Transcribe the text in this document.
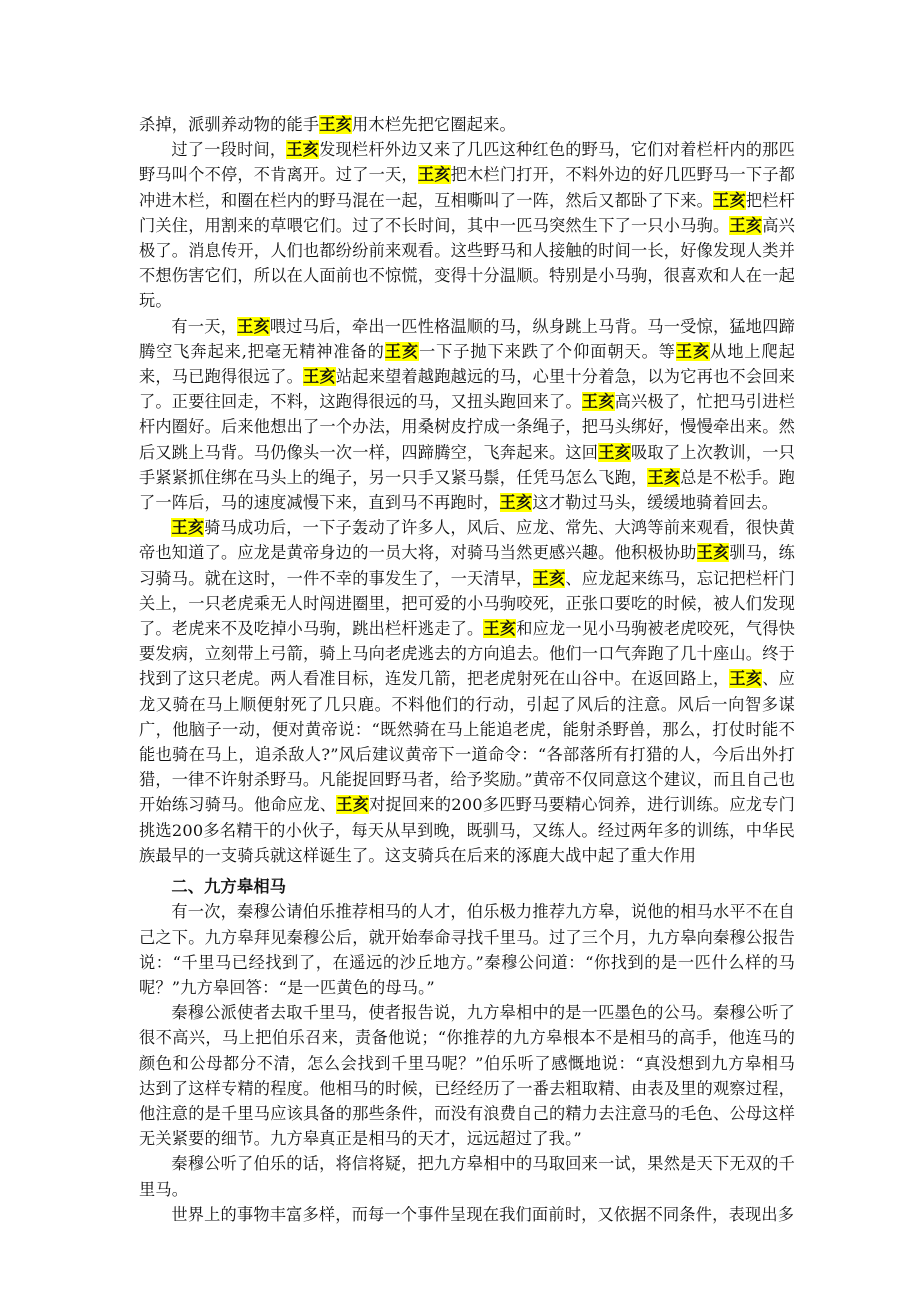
杀掉，派驯养动物的能手王亥用木栏先把它圈起来。

过了一段时间，王亥发现栏杆外边又来了几匹这种红色的野马，它们对着栏杆内的那匹野马叫个不停，不肯离开。过了一天，王亥把木栏门打开，不料外边的好几匹野马一下子都冲进木栏，和圈在栏内的野马混在一起，互相嘶叫了一阵，然后又都卧了下来。王亥把栏杆门关住，用割来的草喂它们。过了不长时间，其中一匹马突然生下了一只小马驹。王亥高兴极了。消息传开，人们也都纷纷前来观看。这些野马和人接触的时间一长，好像发现人类并不想伤害它们，所以在人面前也不惊慌，变得十分温顺。特别是小马驹，很喜欢和人在一起玩。

有一天，王亥喂过马后，牵出一匹性格温顺的马，纵身跳上马背。马一受惊，猛地四蹄腾空飞奔起来,把毫无精神准备的王亥一下子抛下来跌了个仰面朝天。等王亥从地上爬起来，马已跑得很远了。王亥站起来望着越跑越远的马，心里十分着急，以为它再也不会回来了。正要往回走，不料，这跑得很远的马，又扭头跑回来了。王亥高兴极了，忙把马引进栏杆内圈好。后来他想出了一个办法，用桑树皮拧成一条绳子，把马头绑好，慢慢牵出来。然后又跳上马背。马仍像头一次一样，四蹄腾空，飞奔起来。这回王亥吸取了上次教训，一只手紧紧抓住绑在马头上的绳子，另一只手又紧马鬃，任凭马怎么飞跑，王亥总是不松手。跑了一阵后，马的速度减慢下来，直到马不再跑时，王亥这才勒过马头，缓缓地骑着回去。

王亥骑马成功后，一下子轰动了许多人，风后、应龙、常先、大鸿等前来观看，很快黄帝也知道了。应龙是黄帝身边的一员大将，对骑马当然更感兴趣。他积极协助王亥驯马，练习骑马。就在这时，一件不幸的事发生了，一天清早，王亥、应龙起来练马，忘记把栏杆门关上，一只老虎乘无人时闯进圈里，把可爱的小马驹咬死，正张口要吃的时候，被人们发现了。老虎来不及吃掉小马驹，跳出栏杆逃走了。王亥和应龙一见小马驹被老虎咬死，气得快要发病，立刻带上弓箭，骑上马向老虎逃去的方向追去。他们一口气奔跑了几十座山。终于找到了这只老虎。两人看准目标，连发几箭，把老虎射死在山谷中。在返回路上，王亥、应龙又骑在马上顺便射死了几只鹿。不料他们的行动，引起了风后的注意。风后一向智多谋广，他脑子一动，便对黄帝说：“既然骑在马上能追老虎，能射杀野兽，那么，打仗时能不能也骑在马上，追杀敌人?”风后建议黄帝下一道命令：“各部落所有打猎的人，今后出外打猎，一律不许射杀野马。凡能捉回野马者，给予奖励。”黄帝不仅同意这个建议，而且自己也开始练习骑马。他命应龙、王亥对捉回来的200多匹野马要精心饲养，进行训练。应龙专门挑选200多名精干的小伙子，每天从早到晚，既驯马，又练人。经过两年多的训练，中华民族最早的一支骑兵就这样诞生了。这支骑兵在后来的涿鹿大战中起了重大作用

二、九方皋相马

有一次，秦穆公请伯乐推荐相马的人才，伯乐极力推荐九方皋，说他的相马水平不在自己之下。九方皋拜见秦穆公后，就开始奉命寻找千里马。过了三个月，九方皋向秦穆公报告说：“千里马已经找到了，在遥远的沙丘地方。”秦穆公问道：“你找到的是一匹什么样的马呢？”九方皋回答：“是一匹黄色的母马。”

秦穆公派使者去取千里马，使者报告说，九方皋相中的是一匹墨色的公马。秦穆公听了很不高兴，马上把伯乐召来，责备他说；“你推荐的九方皋根本不是相马的高手，他连马的颜色和公母都分不清，怎么会找到千里马呢？”伯乐听了感慨地说：“真没想到九方皋相马达到了这样专精的程度。他相马的时候，已经经历了一番去粗取精、由表及里的观察过程，他注意的是千里马应该具备的那些条件，而没有浪费自己的精力去注意马的毛色、公母这样无关紧要的细节。九方皋真正是相马的天才，远远超过了我。”

秦穆公听了伯乐的话，将信将疑，把九方皋相中的马取回来一试，果然是天下无双的千里马。

世界上的事物丰富多样，而每一个事件呈现在我们面前时，又依据不同条件，表现出多
